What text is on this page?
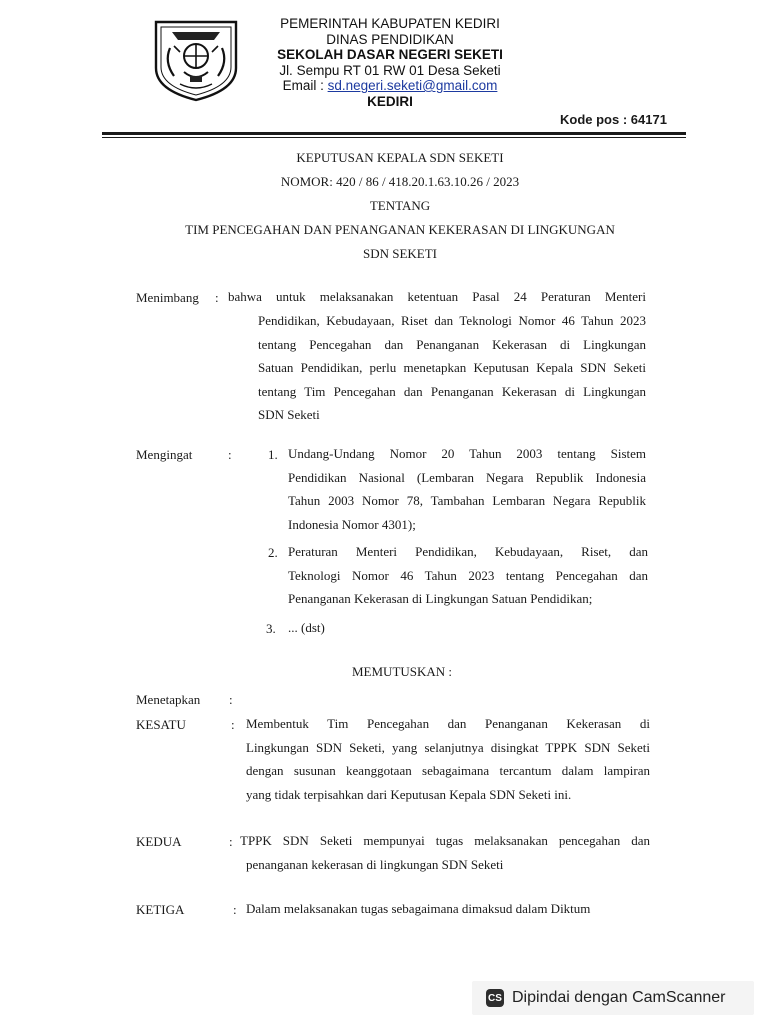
PEMERINTAH KABUPATEN KEDIRI
DINAS PENDIDIKAN
SEKOLAH DASAR NEGERI SEKETI
Jl. Sempu RT 01 RW 01 Desa Seketi
Email : sd.negeri.seketi@gmail.com
KEDIRI
Kode pos : 64171
KEPUTUSAN KEPALA SDN SEKETI
NOMOR: 420 / 86 / 418.20.1.63.10.26 / 2023
TENTANG
TIM PENCEGAHAN DAN PENANGANAN KEKERASAN DI LINGKUNGAN
SDN SEKETI
Menimbang : bahwa untuk melaksanakan ketentuan Pasal 24 Peraturan Menteri
Pendidikan, Kebudayaan, Riset dan Teknologi Nomor 46 Tahun 2023
tentang Pencegahan dan Penanganan Kekerasan di Lingkungan
Satuan Pendidikan, perlu menetapkan Keputusan Kepala SDN Seketi
tentang Tim Pencegahan dan Penanganan Kekerasan di Lingkungan
SDN Seketi
Mengingat	:	1. Undang-Undang Nomor 20 Tahun 2003 tentang Sistem
Pendidikan Nasional (Lembaran Negara Republik Indonesia
Tahun 2003 Nomor 78, Tambahan Lembaran Negara Republik
Indonesia Nomor 4301);
2. Peraturan Menteri Pendidikan, Kebudayaan, Riset, dan
Teknologi Nomor 46 Tahun 2023 tentang Pencegahan dan
Penanganan Kekerasan di Lingkungan Satuan Pendidikan;
3. ... (dst)
MEMUTUSKAN :
Menetapkan :
KESATU	: Membentuk Tim Pencegahan dan Penanganan Kekerasan di
Lingkungan SDN Seketi, yang selanjutnya disingkat TPPK SDN Seketi
dengan susunan keanggotaan sebagaimana tercantum dalam lampiran
yang tidak terpisahkan dari Keputusan Kepala SDN Seketi ini.
KEDUA	: TPPK SDN Seketi mempunyai tugas melaksanakan pencegahan dan
penanganan kekerasan di lingkungan SDN Seketi
KETIGA	: Dalam melaksanakan tugas sebagaimana dimaksud dalam Diktum
CS Dipindai dengan CamScanner
